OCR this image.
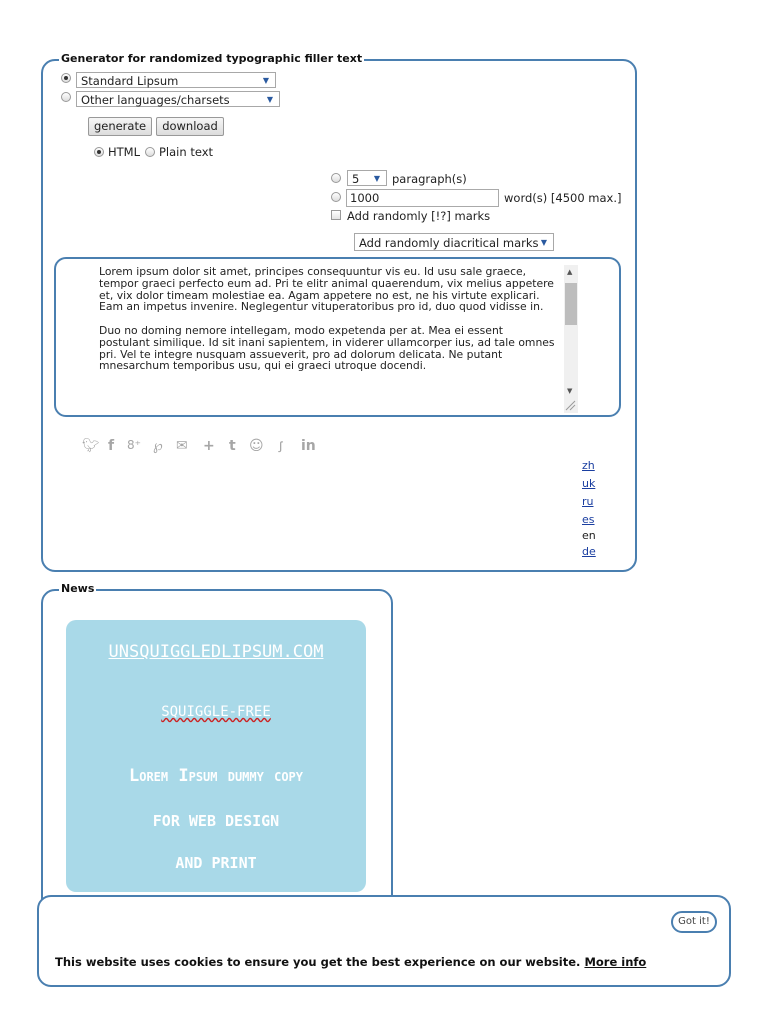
Generator for randomized typographic filler text
Standard Lipsum	▼
Other languages/charsets	▼
generate	download
HTML Plain text
5 ▼ paragraph(s)
1000	word(s) [4500 max.]
Add randomly [!?] marks
Add randomly diacritical marks ▼

Lorem ipsum dolor sit amet, principes consequuntur vis eu. Id usu sale graece, tempor graeci perfecto eum ad. Pri te elitr animal quaerendum, vix melius appetere et, vix dolor timeam molestiae ea. Agam appetere no est, ne his virtute explicari. Eam an impetus invenire. Neglegentur vituperatoribus pro id, duo quod vidisse in.

Duo no doming nemore intellegam, modo expetenda per at. Mea ei essent postulant similique. Id sit inani sapientem, in viderer ullamcorper ius, ad tale omnes pri. Vel te integre nusquam assueverit, pro ad dolorum delicata. Ne putant mnesarchum temporibus usu, qui ei graeci utroque docendi.

▲
▼
🐦︎ f 8⁺ ℘ ✉ + t ☺ ꭍ in
zh
uk
ru
es
en
de
News
UNSQUIGGLEDLIPSUM.COM
SQUIGGLE-FREE
Lorem Ipsum dummy copy
FOR WEB DESIGN
AND PRINT
Got it!
This website uses cookies to ensure you get the best experience on our website. More info
